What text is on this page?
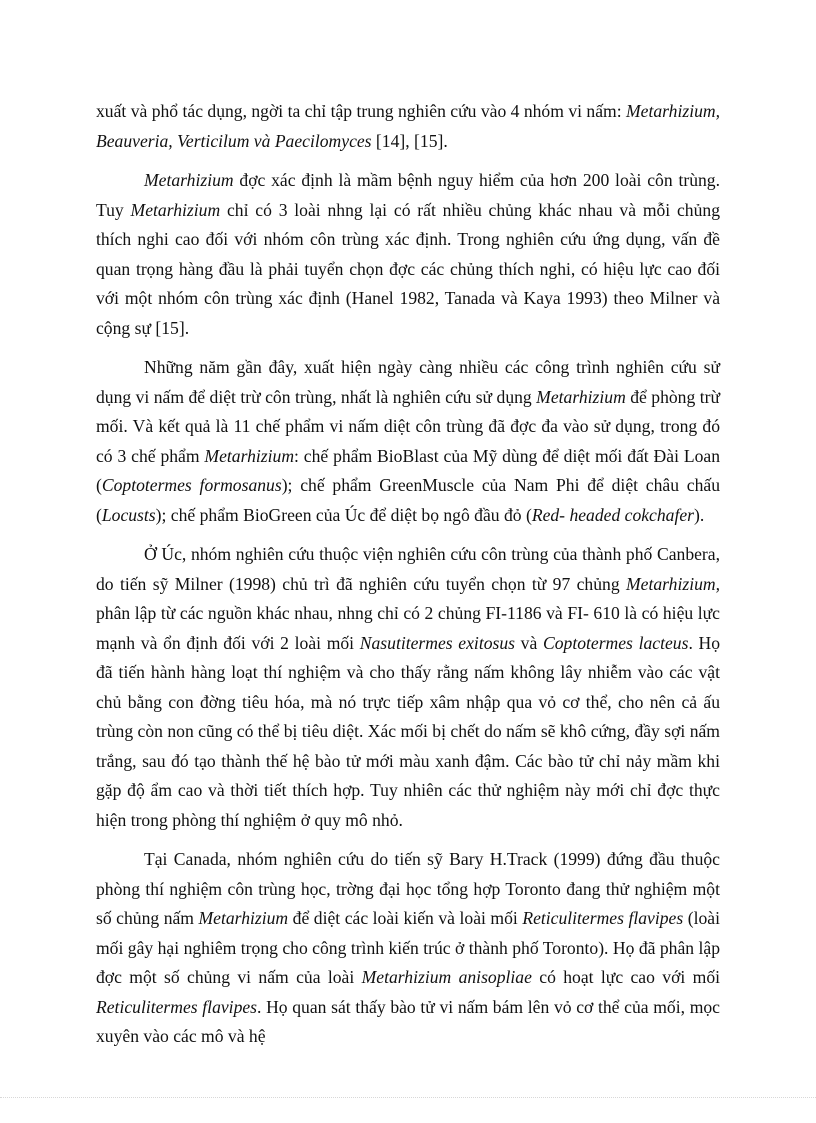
xuất và phổ tác dụng, ngời ta chỉ tập trung nghiên cứu vào 4 nhóm vi nấm: Metarhizium, Beauveria, Verticilum và Paecilomyces [14], [15].

Metarhizium đợc xác định là mầm bệnh nguy hiểm của hơn 200 loài côn trùng. Tuy Metarhizium chỉ có 3 loài nhng lại có rất nhiều chủng khác nhau và mỗi chủng thích nghi cao đối với nhóm côn trùng xác định. Trong nghiên cứu ứng dụng, vấn đề quan trọng hàng đầu là phải tuyển chọn đợc các chủng thích nghi, có hiệu lực cao đối với một nhóm côn trùng xác định (Hanel 1982, Tanada và Kaya 1993) theo Milner và cộng sự [15].

Những năm gần đây, xuất hiện ngày càng nhiều các công trình nghiên cứu sử dụng vi nấm để diệt trừ côn trùng, nhất là nghiên cứu sử dụng Metarhizium để phòng trừ mối. Và kết quả là 11 chế phẩm vi nấm diệt côn trùng đã đợc đa vào sử dụng, trong đó có 3 chế phẩm Metarhizium: chế phẩm BioBlast của Mỹ dùng để diệt mối đất Đài Loan (Coptotermes formosanus); chế phẩm GreenMuscle của Nam Phi để diệt châu chấu (Locusts); chế phẩm BioGreen của Úc để diệt bọ ngô đầu đỏ (Red- headed cokchafer).

Ở Úc, nhóm nghiên cứu thuộc viện nghiên cứu côn trùng của thành phố Canbera, do tiến sỹ Milner (1998) chủ trì đã nghiên cứu tuyển chọn từ 97 chủng Metarhizium, phân lập từ các nguồn khác nhau, nhng chỉ có 2 chủng FI-1186 và FI- 610 là có hiệu lực mạnh và ổn định đối với 2 loài mối Nasutitermes exitosus và Coptotermes lacteus. Họ đã tiến hành hàng loạt thí nghiệm và cho thấy rằng nấm không lây nhiễm vào các vật chủ bằng con đờng tiêu hóa, mà nó trực tiếp xâm nhập qua vỏ cơ thể, cho nên cả ấu trùng còn non cũng có thể bị tiêu diệt. Xác mối bị chết do nấm sẽ khô cứng, đầy sợi nấm trắng, sau đó tạo thành thế hệ bào tử mới màu xanh đậm. Các bào tử chỉ nảy mầm khi gặp độ ẩm cao và thời tiết thích hợp. Tuy nhiên các thử nghiệm này mới chỉ đợc thực hiện trong phòng thí nghiệm ở quy mô nhỏ.

Tại Canada, nhóm nghiên cứu do tiến sỹ Bary H.Track (1999) đứng đầu thuộc phòng thí nghiệm côn trùng học, trờng đại học tổng hợp Toronto đang thử nghiệm một số chủng nấm Metarhizium để diệt các loài kiến và loài mối Reticulitermes flavipes (loài mối gây hại nghiêm trọng cho công trình kiến trúc ở thành phố Toronto). Họ đã phân lập đợc một số chủng vi nấm của loài Metarhizium anisopliae có hoạt lực cao với mối Reticulitermes flavipes. Họ quan sát thấy bào tử vi nấm bám lên vỏ cơ thể của mối, mọc xuyên vào các mô và hệ
